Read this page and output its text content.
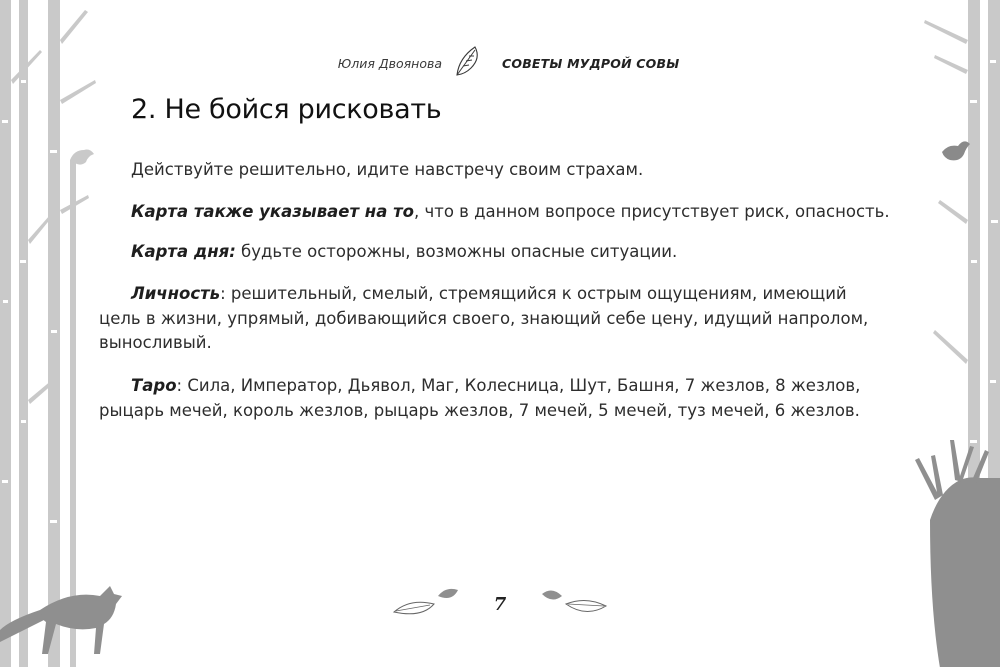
Юлия Двоянова	СОВЕТЫ МУДРОЙ СОВЫ
2. Не бойся рисковать

Действуйте решительно, идите навстречу своим страхам.

Карта также указывает на то, что в данном вопросе присутствует риск, опасность.

Карта дня: будьте осторожны, возможны опасные ситуации.

Личность: решительный, смелый, стремящийся к острым ощущениям, имеющий
цель в жизни, упрямый, добивающийся своего, знающий себе цену, идущий напролом,
выносливый.
Таро: Сила, Император, Дьявол, Маг, Колесница, Шут, Башня, 7 жезлов, 8 жезлов,
рыцарь мечей, король жезлов, рыцарь жезлов, 7 мечей, 5 мечей, туз мечей, 6 жезлов.
7
